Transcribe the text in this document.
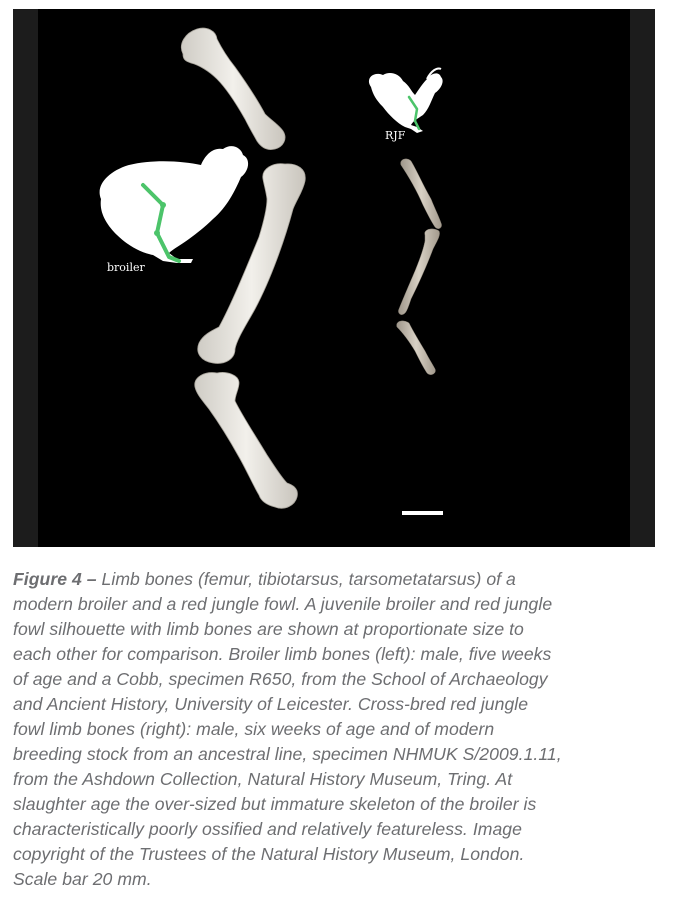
broiler
RJF

Figure 4 – Limb bones (femur, tibiotarsus, tarsometatarsus) of a
modern broiler and a red jungle fowl. A juvenile broiler and red jungle
fowl silhouette with limb bones are shown at proportionate size to
each other for comparison. Broiler limb bones (left): male, five weeks
of age and a Cobb, specimen R650, from the School of Archaeology
and Ancient History, University of Leicester. Cross-bred red jungle
fowl limb bones (right): male, six weeks of age and of modern
breeding stock from an ancestral line, specimen NHMUK S/2009.1.11,
from the Ashdown Collection, Natural History Museum, Tring. At
slaughter age the over-sized but immature skeleton of the broiler is
characteristically poorly ossified and relatively featureless. Image
copyright of the Trustees of the Natural History Museum, London.
Scale bar 20 mm.
